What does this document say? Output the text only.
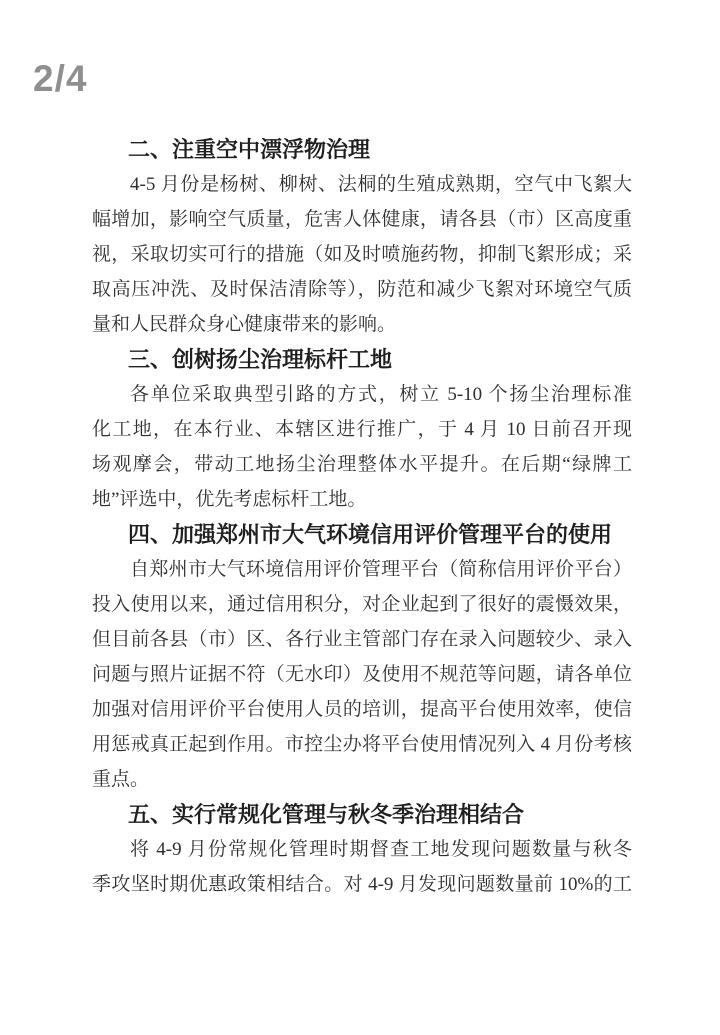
2/4
二、注重空中漂浮物治理
4-5 月份是杨树、柳树、法桐的生殖成熟期，空气中飞絮大
幅增加，影响空气质量，危害人体健康，请各县（市）区高度重
视，采取切实可行的措施（如及时喷施药物，抑制飞絮形成；采
取高压冲洗、及时保洁清除等），防范和减少飞絮对环境空气质
量和人民群众身心健康带来的影响。
三、创树扬尘治理标杆工地
各单位采取典型引路的方式，树立 5-10 个扬尘治理标准
化工地，在本行业、本辖区进行推广，于 4 月 10 日前召开现
场观摩会，带动工地扬尘治理整体水平提升。在后期“绿牌工
地”评选中，优先考虑标杆工地。
四、加强郑州市大气环境信用评价管理平台的使用
自郑州市大气环境信用评价管理平台（简称信用评价平台）
投入使用以来，通过信用积分，对企业起到了很好的震慑效果，
但目前各县（市）区、各行业主管部门存在录入问题较少、录入
问题与照片证据不符（无水印）及使用不规范等问题，请各单位
加强对信用评价平台使用人员的培训，提高平台使用效率，使信
用惩戒真正起到作用。市控尘办将平台使用情况列入 4 月份考核
重点。
五、实行常规化管理与秋冬季治理相结合
将 4-9 月份常规化管理时期督查工地发现问题数量与秋冬
季攻坚时期优惠政策相结合。对 4-9 月发现问题数量前 10%的工
